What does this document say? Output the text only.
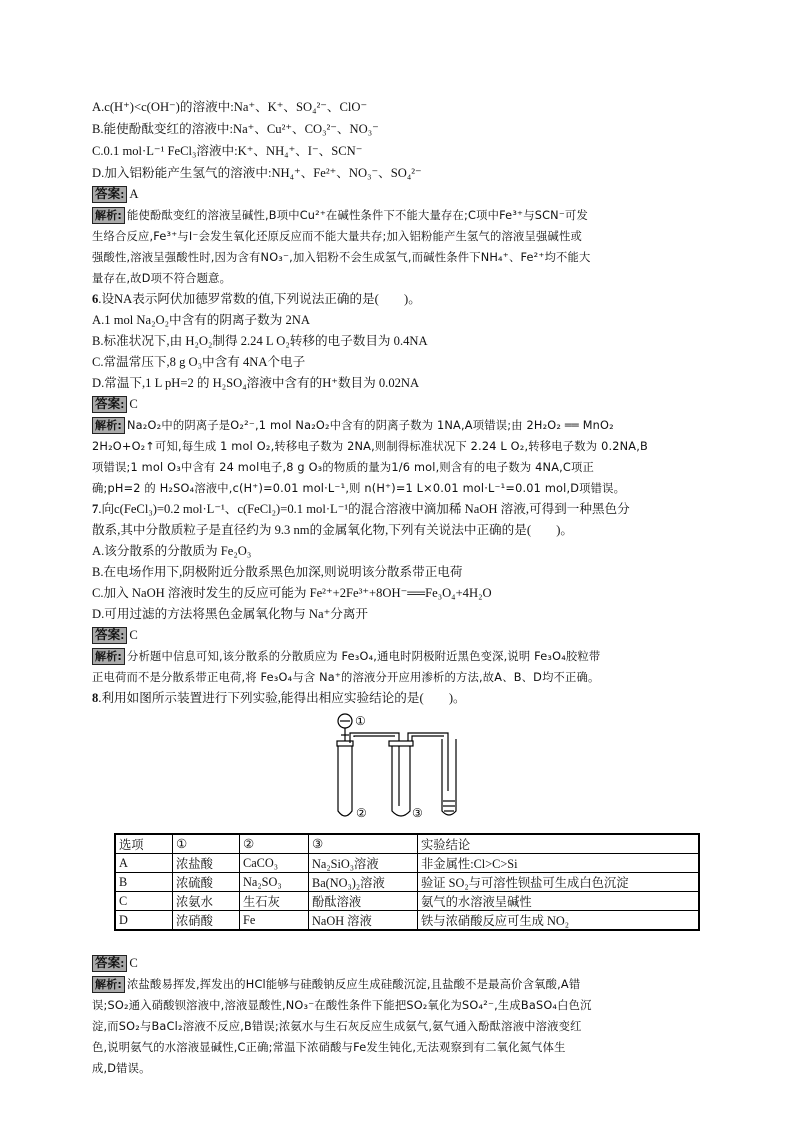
A.c(H⁺)<c(OH⁻)的溶液中:Na⁺、K⁺、SO₄²⁻、ClO⁻
B.能使酚酞变红的溶液中:Na⁺、Cu²⁺、CO₃²⁻、NO₃⁻
C.0.1 mol·L⁻¹ FeCl₃溶液中:K⁺、NH₄⁺、I⁻、SCN⁻
D.加入铝粉能产生氢气的溶液中:NH₄⁺、Fe²⁺、NO₃⁻、SO₄²⁻
答案: A
解析: 能使酚酞变红的溶液呈碱性,B项中Cu²⁺在碱性条件下不能大量存在;C项中Fe³⁺与SCN⁻可发
生络合反应,Fe³⁺与I⁻会发生氧化还原反应而不能大量共存;加入铝粉能产生氢气的溶液呈强碱性或
强酸性,溶液呈强酸性时,因为含有NO₃⁻,加入铝粉不会生成氢气,而碱性条件下NH₄⁺、Fe²⁺均不能大
量存在,故D项不符合题意。
6.设NA表示阿伏加德罗常数的值,下列说法正确的是(　　)。
A.1 mol Na₂O₂中含有的阴离子数为 2NA
B.标准状况下,由 H₂O₂制得 2.24 L O₂转移的电子数目为 0.4NA
C.常温常压下,8 g O₃中含有 4NA个电子
D.常温下,1 L pH=2 的 H₂SO₄溶液中含有的H⁺数目为 0.02NA
答案: C
解析: Na₂O₂中的阴离子是O₂²⁻,1 mol Na₂O₂中含有的阴离子数为 1NA,A项错误;由 2H₂O₂ ══ MnO₂
2H₂O+O₂↑可知,每生成 1 mol O₂,转移电子数为 2NA,则制得标准状况下 2.24 L O₂,转移电子数为 0.2NA,B
项错误;1 mol O₃中含有 24 mol电子,8 g O₃的物质的量为1/6 mol,则含有的电子数为 4NA,C项正
确;pH=2 的 H₂SO₄溶液中,c(H⁺)=0.01 mol·L⁻¹,则 n(H⁺)=1 L×0.01 mol·L⁻¹=0.01 mol,D项错误。
7.向c(FeCl₃)=0.2 mol·L⁻¹、c(FeCl₂)=0.1 mol·L⁻¹的混合溶液中滴加稀 NaOH 溶液,可得到一种黑色分
散系,其中分散质粒子是直径约为 9.3 nm的金属氧化物,下列有关说法中正确的是(　　)。
A.该分散系的分散质为 Fe₂O₃
B.在电场作用下,阴极附近分散系黑色加深,则说明该分散系带正电荷
C.加入 NaOH 溶液时发生的反应可能为 Fe²⁺+2Fe³⁺+8OH⁻══Fe₃O₄+4H₂O
D.可用过滤的方法将黑色金属氧化物与 Na⁺分离开
答案: C
解析: 分析题中信息可知,该分散系的分散质应为 Fe₃O₄,通电时阴极附近黑色变深,说明 Fe₃O₄胶粒带
正电荷而不是分散系带正电荷,将 Fe₃O₄与含 Na⁺的溶液分开应用渗析的方法,故A、B、D均不正确。
8.利用如图所示装置进行下列实验,能得出相应实验结论的是(　　)。
①
②	③
选项	①	②	③	实验结论
A	浓盐酸	CaCO₃	Na₂SiO₃溶液	非金属性:Cl>C>Si
B	浓硫酸	Na₂SO₃	Ba(NO₃)₂溶液	验证 SO₂与可溶性钡盐可生成白色沉淀
C	浓氨水	生石灰	酚酞溶液	氨气的水溶液呈碱性
D	浓硝酸	Fe	NaOH 溶液	铁与浓硝酸反应可生成 NO₂
答案: C
解析: 浓盐酸易挥发,挥发出的HCl能够与硅酸钠反应生成硅酸沉淀,且盐酸不是最高价含氧酸,A错
误;SO₂通入硝酸钡溶液中,溶液显酸性,NO₃⁻在酸性条件下能把SO₂氧化为SO₄²⁻,生成BaSO₄白色沉
淀,而SO₂与BaCl₂溶液不反应,B错误;浓氨水与生石灰反应生成氨气,氨气通入酚酞溶液中溶液变红
色,说明氨气的水溶液显碱性,C正确;常温下浓硝酸与Fe发生钝化,无法观察到有二氧化氮气体生
成,D错误。
